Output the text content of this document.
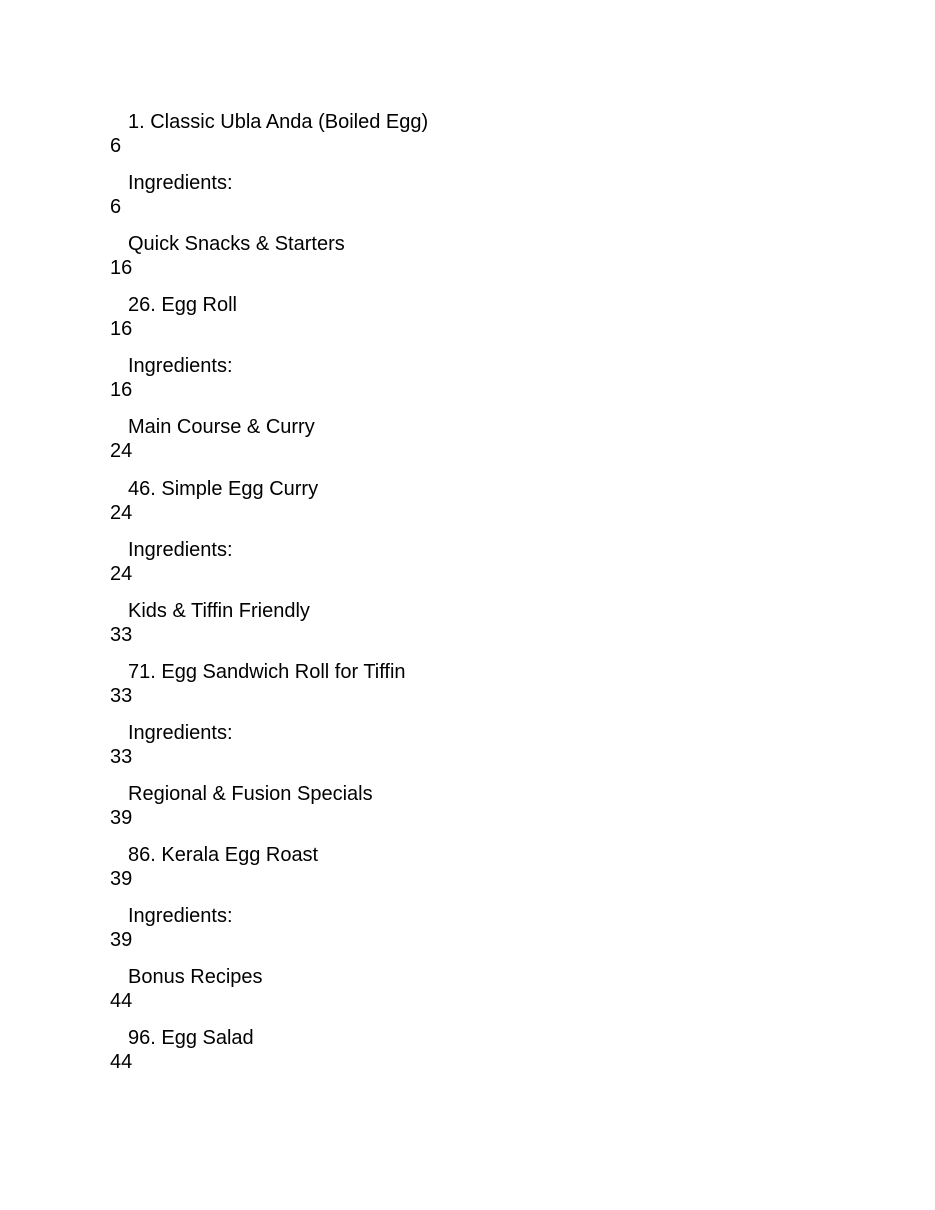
1. Classic Ubla Anda (Boiled Egg)
6
Ingredients:
6
Quick Snacks & Starters
16
26. Egg Roll
16
Ingredients:
16
Main Course & Curry
24
46. Simple Egg Curry
24
Ingredients:
24
Kids & Tiffin Friendly
33
71. Egg Sandwich Roll for Tiffin
33
Ingredients:
33
Regional & Fusion Specials
39
86. Kerala Egg Roast
39
Ingredients:
39
Bonus Recipes
44
96. Egg Salad
44
